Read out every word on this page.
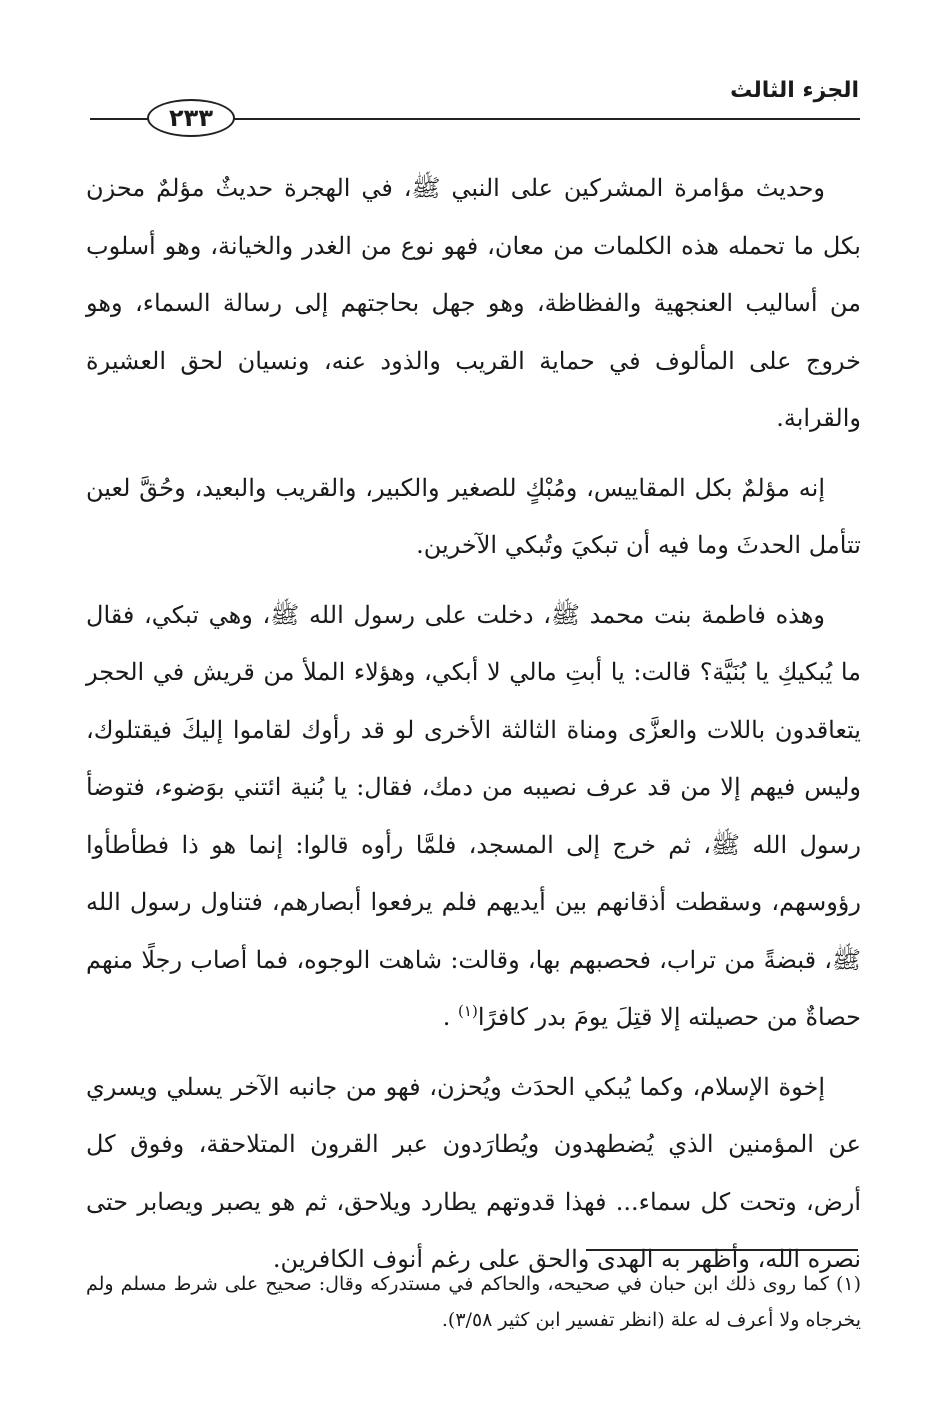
الجزء الثالث
٢٣٣

وحديث مؤامرة المشركين على النبي ﷺ، في الهجرة حديثٌ مؤلمٌ محزن بكل ما تحمله هذه الكلمات من معان، فهو نوع من الغدر والخيانة، وهو أسلوب من أساليب العنجهية والفظاظة، وهو جهل بحاجتهم إلى رسالة السماء، وهو خروج على المألوف في حماية القريب والذود عنه، ونسيان لحق العشيرة والقرابة.

إنه مؤلمٌ بكل المقاييس، ومُبْكٍ للصغير والكبير، والقريب والبعيد، وحُقَّ لعين تتأمل الحدثَ وما فيه أن تبكيَ وتُبكي الآخرين.

وهذه فاطمة بنت محمد ﷺ، دخلت على رسول الله ﷺ، وهي تبكي، فقال ما يُبكيكِ يا بُنَيَّة؟ قالت: يا أبتِ مالي لا أبكي، وهؤلاء الملأ من قريش في الحجر يتعاقدون باللات والعزَّى ومناة الثالثة الأخرى لو قد رأوك لقاموا إليكَ فيقتلوك، وليس فيهم إلا من قد عرف نصيبه من دمك، فقال: يا بُنية ائتني بوَضوء، فتوضأ رسول الله ﷺ، ثم خرج إلى المسجد، فلمَّا رأوه قالوا: إنما هو ذا فطأطأوا رؤوسهم، وسقطت أذقانهم بين أيديهم فلم يرفعوا أبصارهم، فتناول رسول الله ﷺ، قبضةً من تراب، فحصبهم بها، وقالت: شاهت الوجوه، فما أصاب رجلًا منهم حصاةٌ من حصيلته إلا قتِلَ يومَ بدر كافرًا$^{(١)}$ .

إخوة الإسلام، وكما يُبكي الحدَث ويُحزن، فهو من جانبه الآخر يسلي ويسري عن المؤمنين الذي يُضطهدون ويُطارَدون عبر القرون المتلاحقة، وفوق كل أرض، وتحت كل سماء... فهذا قدوتهم يطارد ويلاحق، ثم هو يصبر ويصابر حتى نصره الله، وأظهر به الهدى والحق على رغم أنوف الكافرين.

(١) كما روى ذلك ابن حبان في صحيحه، والحاكم في مستدركه وقال: صحيح على شرط مسلم ولم يخرجاه ولا أعرف له علة (انظر تفسير ابن كثير ٣/٥٨).
